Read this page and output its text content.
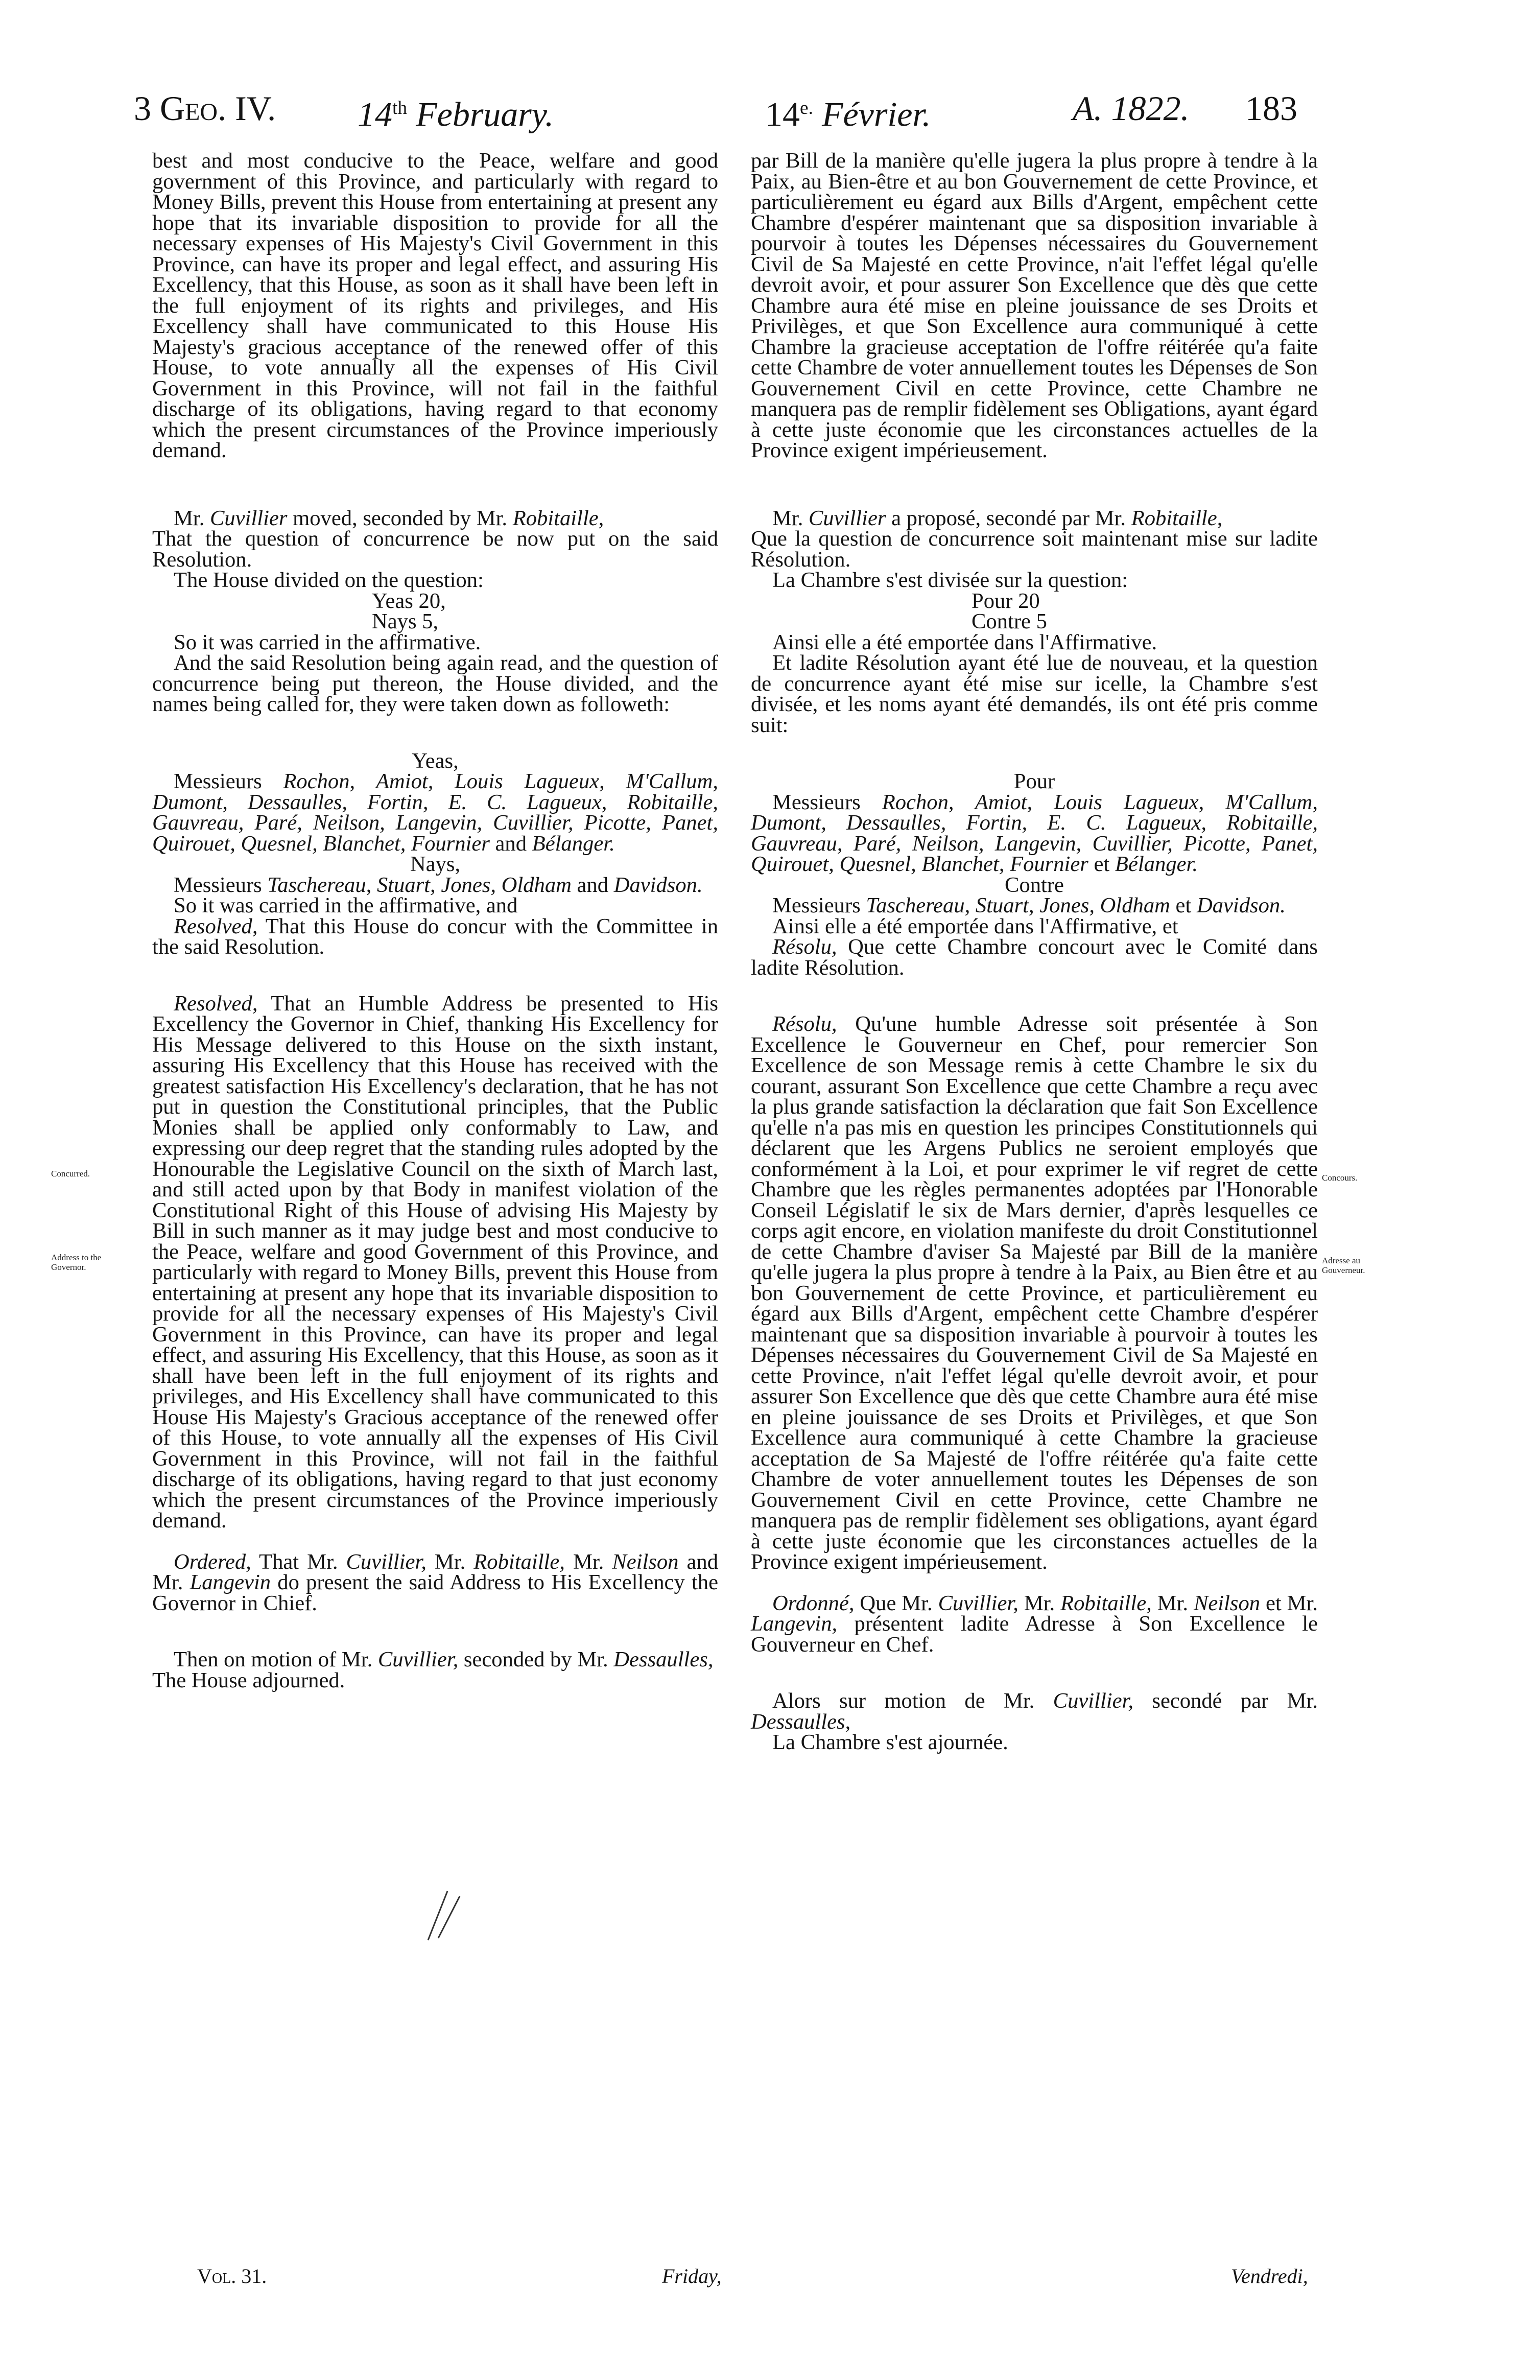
3 Geo. IV. 14th February.	$14^{e.}$ Février.	A. 1822. 183

best and most conducive to the Peace, welfare and good government of this Province, and particularly with regard to Money Bills, prevent this House from entertaining at present any hope that its invariable disposition to provide for all the necessary expenses of His Majesty's Civil Government in this Province, can have its proper and legal effect, and assuring His Excellency, that this House, as soon as it shall have been left in the full enjoyment of its rights and privileges, and His Excellency shall have communicated to this House His Majesty's gracious acceptance of the renewed offer of this House, to vote annually all the expenses of His Civil Government in this Province, will not fail in the faithful discharge of its obligations, having regard to that economy which the present circumstances of the Province imperiously demand.

Mr. Cuvillier moved, seconded by Mr. Robitaille,
That the question of concurrence be now put on the said Resolution.

The House divided on the question:

Yeas 20,

Nays 5,

So it was carried in the affirmative.

And the said Resolution being again read, and the question of concurrence being put thereon, the House divided, and the names being called for, they were taken down as followeth:

Yeas,

Messieurs Rochon, Amiot, Louis Lagueux, M'Callum, Dumont, Dessaulles, Fortin, E. C. Lagueux, Robitaille, Gauvreau, Paré, Neilson, Langevin, Cuvillier, Picotte, Panet, Quirouet, Quesnel, Blanchet, Fournier and Bélanger.

Nays,

Messieurs Taschereau, Stuart, Jones, Oldham and Davidson.

So it was carried in the affirmative, and

Resolved, That this House do concur with the Committee in the said Resolution.

Resolved, That an Humble Address be presented to His Excellency the Governor in Chief, thanking His Excellency for His Message delivered to this House on the sixth instant, assuring His Excellency that this House has received with the greatest satisfaction His Excellency's declaration, that he has not put in question the Constitutional principles, that the Public Monies shall be applied only conformably to Law, and expressing our deep regret that the standing rules adopted by the Honourable the Legislative Council on the sixth of March last, and still acted upon by that Body in manifest violation of the Constitutional Right of this House of advising His Majesty by Bill in such manner as it may judge best and most conducive to the Peace, welfare and good Government of this Province, and particularly with regard to Money Bills, prevent this House from entertaining at present any hope that its invariable disposition to provide for all the necessary expenses of His Majesty's Civil Government in this Province, can have its proper and legal effect, and assuring His Excellency, that this House, as soon as it shall have been left in the full enjoyment of its rights and privileges, and His Excellency shall have communicated to this House His Majesty's Gracious acceptance of the renewed offer of this House, to vote annually all the expenses of His Civil Government in this Province, will not fail in the faithful discharge of its obligations, having regard to that just economy which the present circumstances of the Province imperiously demand.

Ordered, That Mr. Cuvillier, Mr. Robitaille, Mr. Neilson and Mr. Langevin do present the said Address to His Excellency the Governor in Chief.

Then on motion of Mr. Cuvillier, seconded by Mr. Dessaulles,

The House adjourned.

par Bill de la manière qu'elle jugera la plus propre à tendre à la Paix, au Bien-être et au bon Gouvernement de cette Province, et particulièrement eu égard aux Bills d'Argent, empêchent cette Chambre d'espérer maintenant que sa disposition invariable à pourvoir à toutes les Dépenses nécessaires du Gouvernement Civil de Sa Majesté en cette Province, n'ait l'effet légal qu'elle devroit avoir, et pour assurer Son Excellence que dès que cette Chambre aura été mise en pleine jouissance de ses Droits et Privilèges, et que Son Excellence aura communiqué à cette Chambre la gracieuse acceptation de l'offre réitérée qu'a faite cette Chambre de voter annuellement toutes les Dépenses de Son Gouvernement Civil en cette Province, cette Chambre ne manquera pas de remplir fidèlement ses Obligations, ayant égard à cette juste économie que les circonstances actuelles de la Province exigent impérieusement.

Mr. Cuvillier a proposé, secondé par Mr. Robitaille,
Que la question de concurrence soit maintenant mise sur ladite Résolution.

La Chambre s'est divisée sur la question:

Pour 20

Contre 5

Ainsi elle a été emportée dans l'Affirmative.

Et ladite Résolution ayant été lue de nouveau, et la question de concurrence ayant été mise sur icelle, la Chambre s'est divisée, et les noms ayant été demandés, ils ont été pris comme suit:

Pour

Messieurs Rochon, Amiot, Louis Lagueux, M'Callum, Dumont, Dessaulles, Fortin, E. C. Lagueux, Robitaille, Gauvreau, Paré, Neilson, Langevin, Cuvillier, Picotte, Panet, Quirouet, Quesnel, Blanchet, Fournier et Bélanger.

Contre

Messieurs Taschereau, Stuart, Jones, Oldham et Davidson.

Ainsi elle a été emportée dans l'Affirmative, et

Résolu, Que cette Chambre concourt avec le Comité dans ladite Résolution.

Résolu, Qu'une humble Adresse soit présentée à Son Excellence le Gouverneur en Chef, pour remercier Son Excellence de son Message remis à cette Chambre le six du courant, assurant Son Excellence que cette Chambre a reçu avec la plus grande satisfaction la déclaration que fait Son Excellence qu'elle n'a pas mis en question les principes Constitutionnels qui déclarent que les Argens Publics ne seroient employés que conformément à la Loi, et pour exprimer le vif regret de cette Chambre que les règles permanentes adoptées par l'Honorable Conseil Législatif le six de Mars dernier, d'après lesquelles ce corps agit encore, en violation manifeste du droit Constitutionnel de cette Chambre d'aviser Sa Majesté par Bill de la manière qu'elle jugera la plus propre à tendre à la Paix, au Bien être et au bon Gouvernement de cette Province, et particulièrement eu égard aux Bills d'Argent, empêchent cette Chambre d'espérer maintenant que sa disposition invariable à pourvoir à toutes les Dépenses nécessaires du Gouvernement Civil de Sa Majesté en cette Province, n'ait l'effet légal qu'elle devroit avoir, et pour assurer Son Excellence que dès que cette Chambre aura été mise en pleine jouissance de ses Droits et Privilèges, et que Son Excellence aura communiqué à cette Chambre la gracieuse acceptation de Sa Majesté de l'offre réitérée qu'a faite cette Chambre de voter annuellement toutes les Dépenses de son Gouvernement Civil en cette Province, cette Chambre ne manquera pas de remplir fidèlement ses obligations, ayant égard à cette juste économie que les circonstances actuelles de la Province exigent impérieusement.

Ordonné, Que Mr. Cuvillier, Mr. Robitaille, Mr. Neilson et Mr. Langevin, présentent ladite Adresse à Son Excellence le Gouverneur en Chef.

Alors sur motion de Mr. Cuvillier, secondé par Mr. Dessaulles,

La Chambre s'est ajournée.

Concurred.
Address to the
Governor.
Concours.
Adresse au
Gouverneur.
Vol. 31.	Friday,	Vendredi,
